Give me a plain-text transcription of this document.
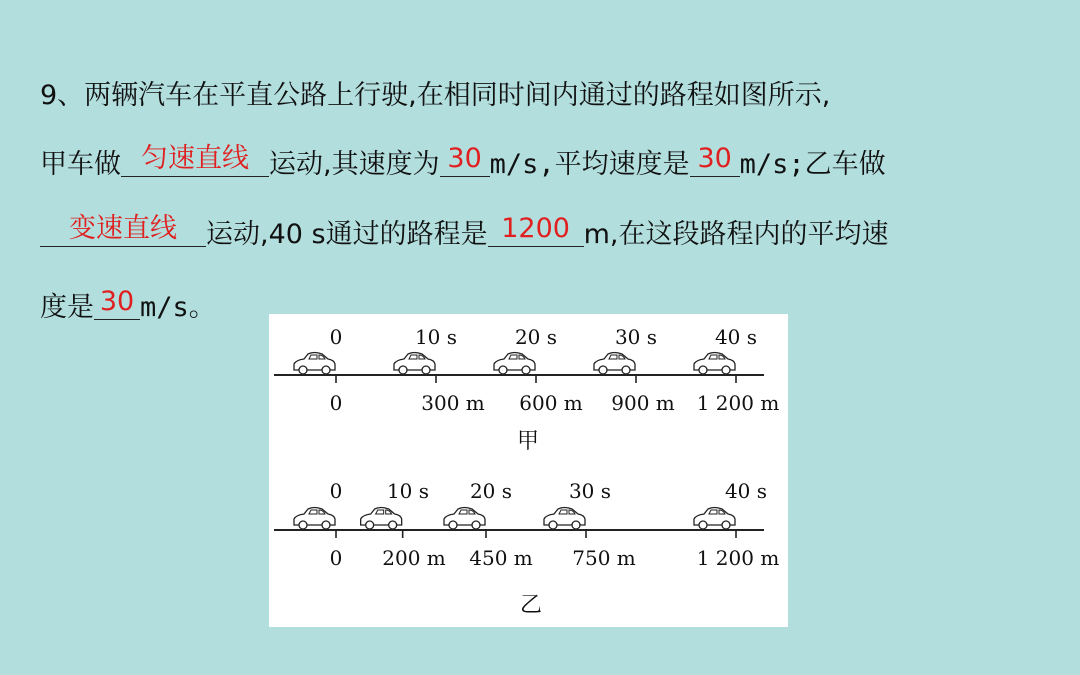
9、两辆汽车在平直公路上行驶,在相同时间内通过的路程如图所示,
甲车做 匀速直线 运动,其速度为 30 m/s,平均速度是 30 m/s;乙车做
变速直线	运动,40 s通过的路程是 1200 m,在这段路程内的平均速
度是 30 m/s。
0	10 s	20 s	30 s	40 s
0	300 m 600 m 900 m 1 200 m
甲
0 10 s 20 s	30 s	40 s
0 200 m 450 m 750 m	1 200 m
乙
